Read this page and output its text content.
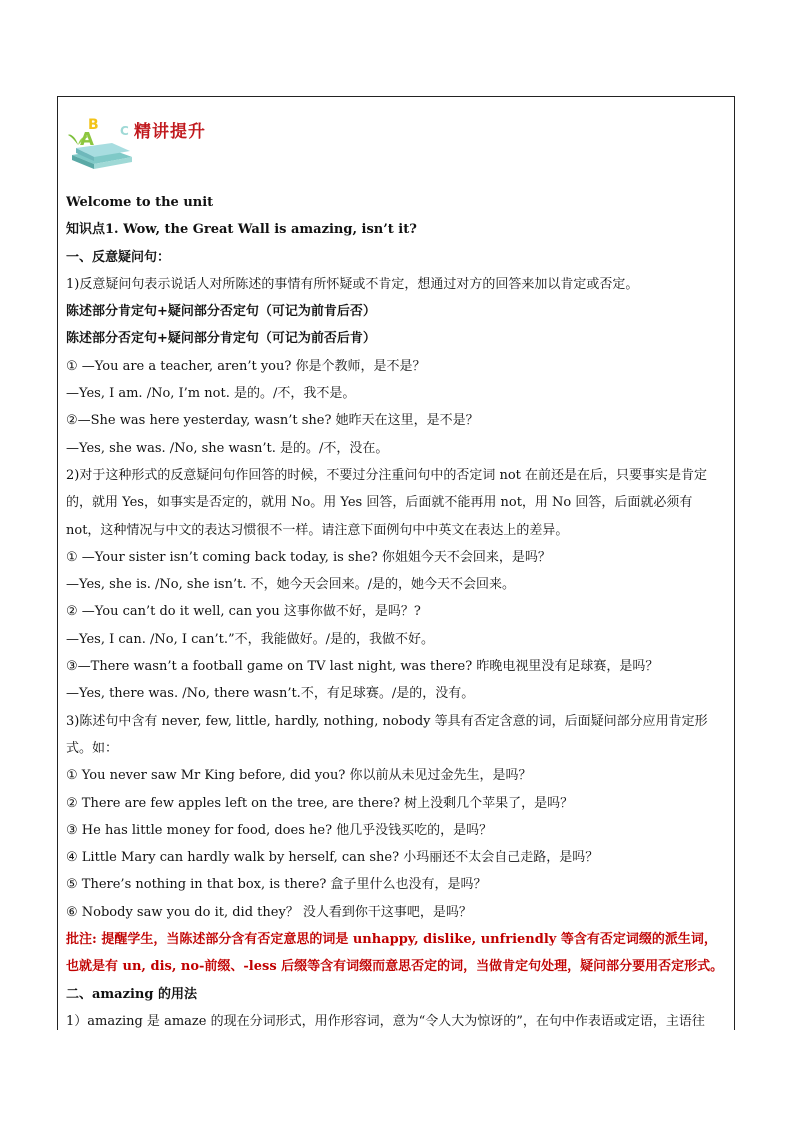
A
B C 精讲提升
Welcome to the unit
知识点1. Wow, the Great Wall is amazing, isn’t it?
一、反意疑问句：
1)反意疑问句表示说话人对所陈述的事情有所怀疑或不肯定，想通过对方的回答来加以肯定或否定。
陈述部分肯定句+疑问部分否定句（可记为前肯后否）
陈述部分否定句+疑问部分肯定句（可记为前否后肯）
① —You are a teacher, aren’t you? 你是个教师，是不是？
—Yes, I am. /No, I’m not. 是的。/不，我不是。
②—She was here yesterday, wasn’t she? 她昨天在这里，是不是？
—Yes, she was. /No, she wasn’t. 是的。/不，没在。
2)对于这种形式的反意疑问句作回答的时候，不要过分注重问句中的否定词 not 在前还是在后，只要事实是肯定的，就用 Yes，如事实是否定的，就用 No。用 Yes 回答，后面就不能再用 not，用 No 回答，后面就必须有 not，这种情况与中文的表达习惯很不一样。请注意下面例句中中英文在表达上的差异。
① —Your sister isn’t coming back today, is she? 你姐姐今天不会回来，是吗？
—Yes, she is. /No, she isn’t. 不，她今天会回来。/是的，她今天不会回来。
② —You can’t do it well, can you 这事你做不好，是吗？?
—Yes, I can. /No, I can’t.”不，我能做好。/是的，我做不好。
③—There wasn’t a football game on TV last night, was there? 昨晚电视里没有足球赛，是吗？
—Yes, there was. /No, there wasn’t.不，有足球赛。/是的，没有。
3)陈述句中含有 never, few, little, hardly, nothing, nobody 等具有否定含意的词，后面疑问部分应用肯定形式。如：
① You never saw Mr King before, did you? 你以前从未见过金先生，是吗？
② There are few apples left on the tree, are there? 树上没剩几个苹果了，是吗？
③ He has little money for food, does he? 他几乎没钱买吃的，是吗？
④ Little Mary can hardly walk by herself, can she? 小玛丽还不太会自己走路，是吗？
⑤ There’s nothing in that box, is there? 盒子里什么也没有，是吗？
⑥ Nobody saw you do it, did they？ 没人看到你干这事吧，是吗？
批注: 提醒学生，当陈述部分含有否定意思的词是 unhappy, dislike, unfriendly 等含有否定词缀的派生词，也就是有 un, dis, no-前缀、-less 后缀等含有词缀而意思否定的词，当做肯定句处理，疑问部分要用否定形式。
二、amazing 的用法
1）amazing 是 amaze 的现在分词形式，用作形容词，意为“令人大为惊讶的”，在句中作表语或定语，主语往
